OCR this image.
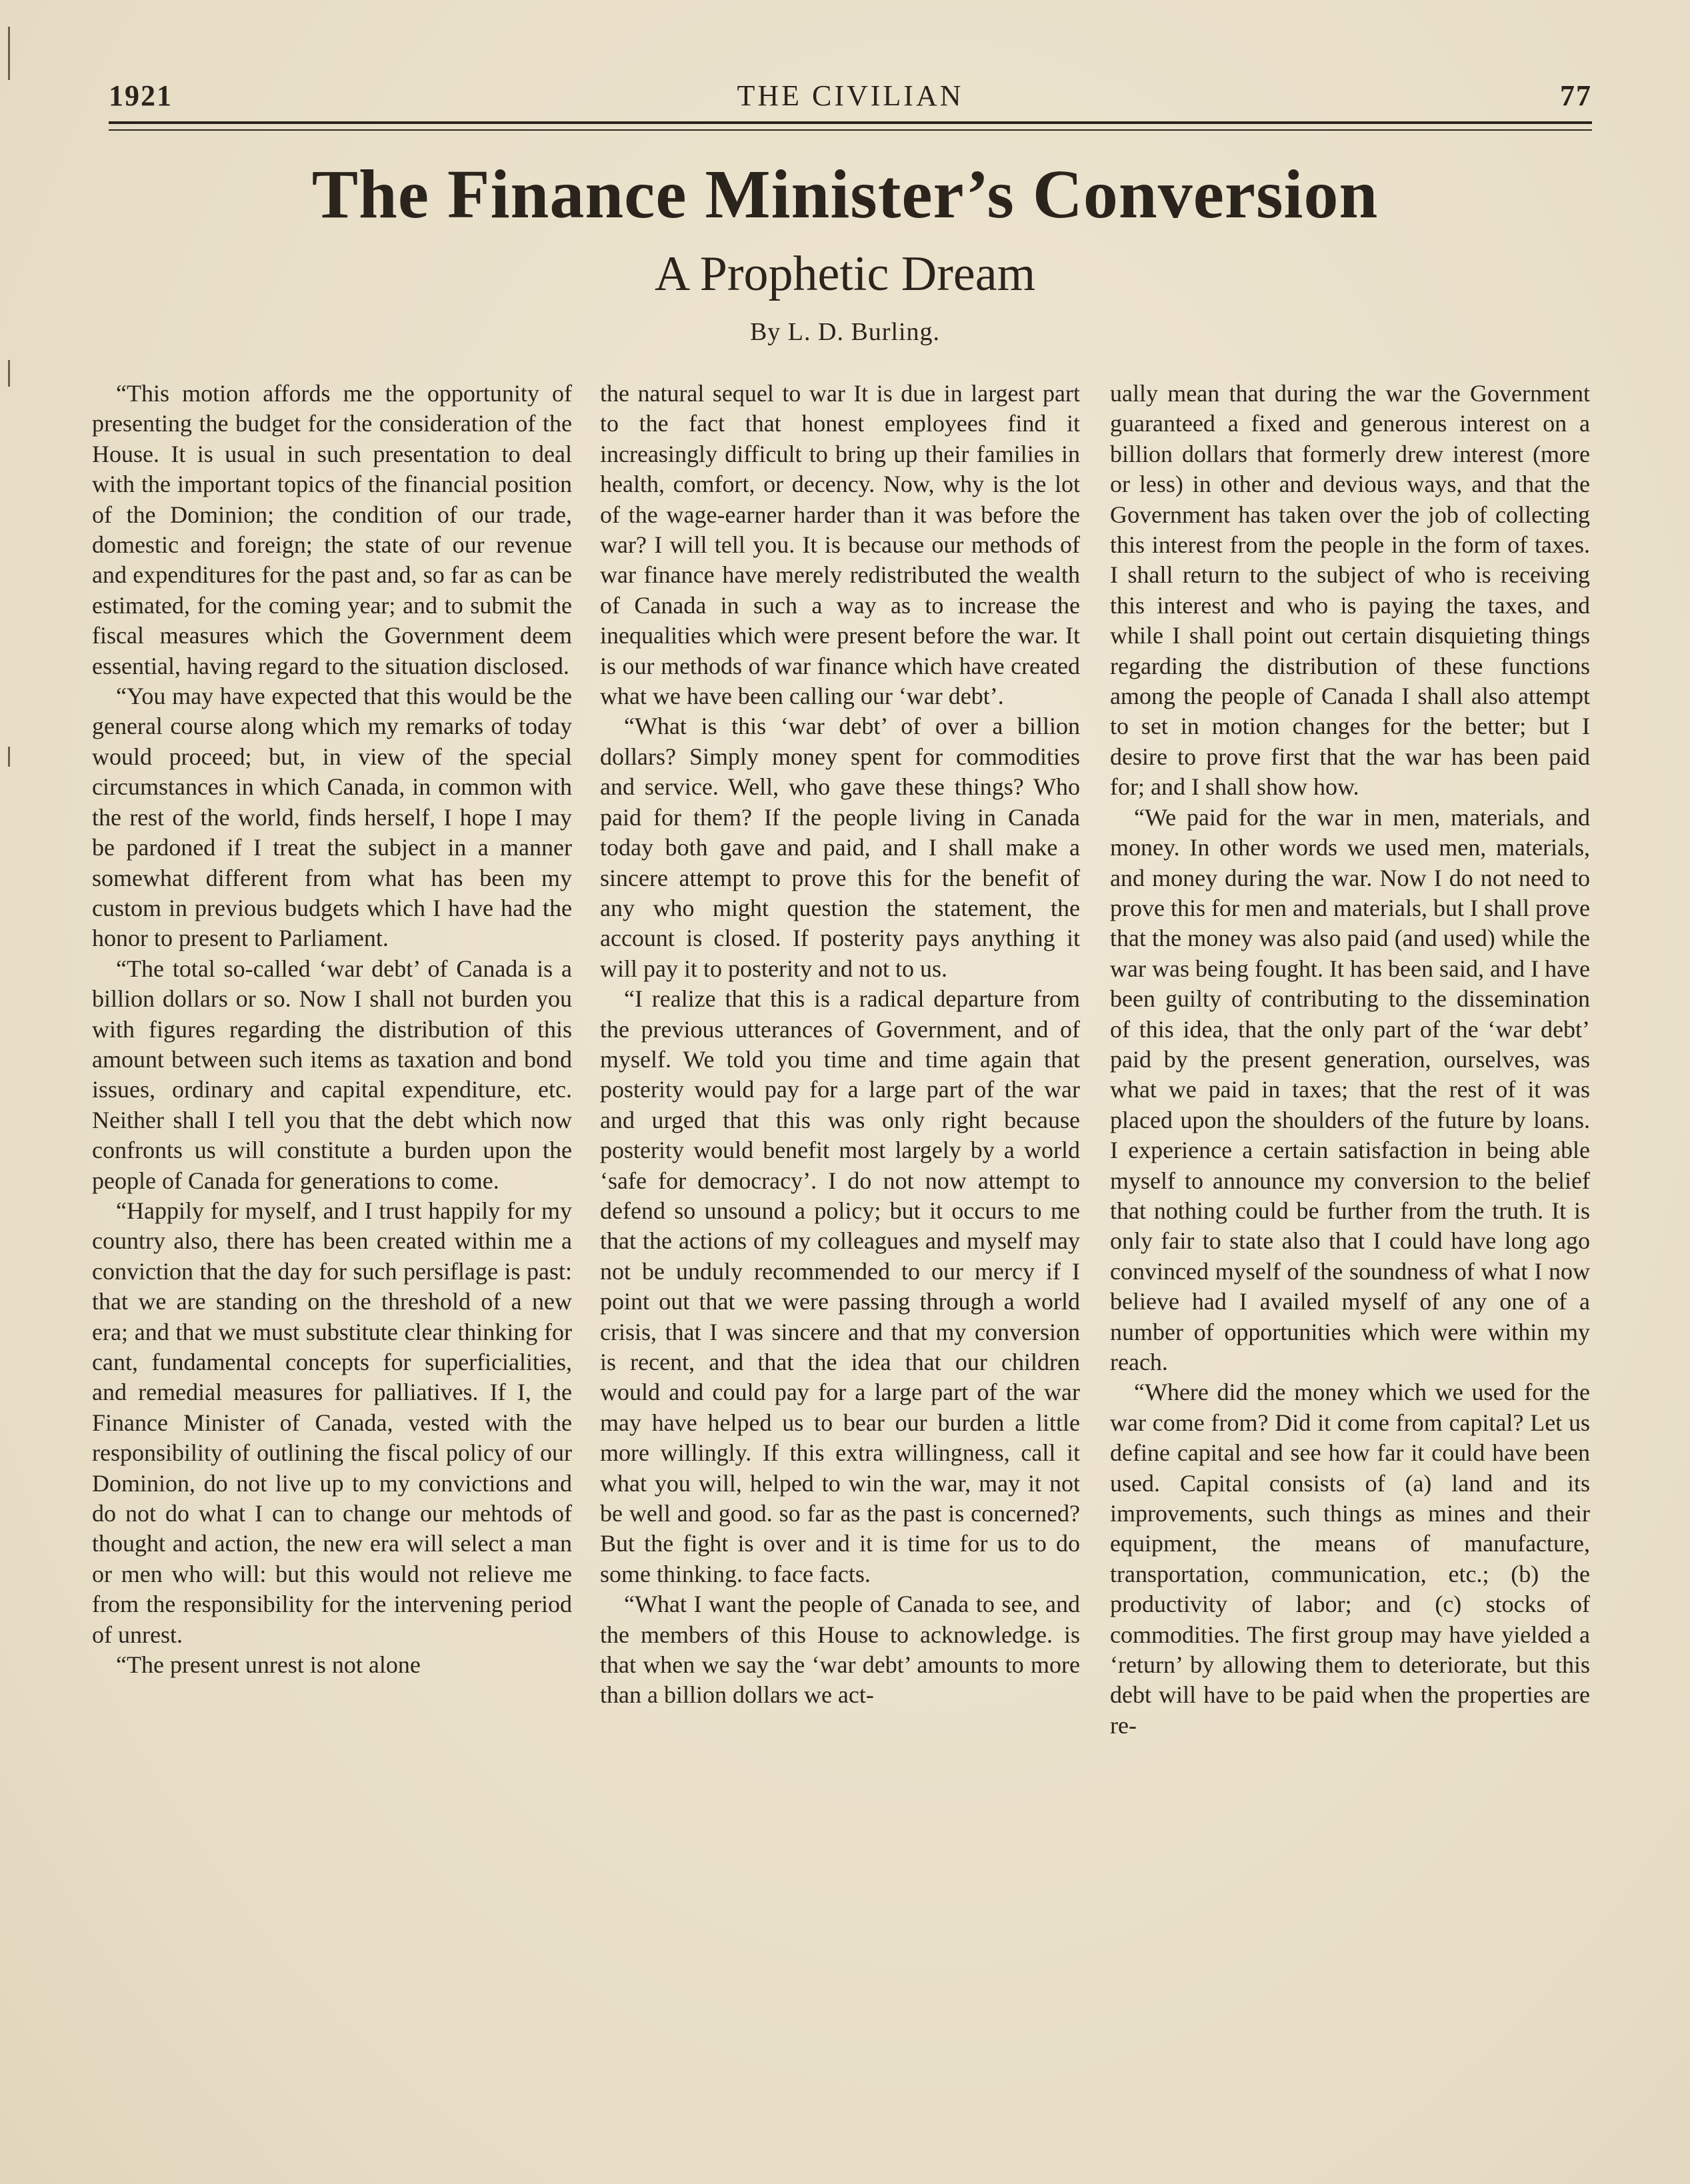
1921	THE CIVILIAN	77
The Finance Minister’s Conversion
A Prophetic Dream
By L. D. Burling.

“This motion affords me the opportunity of presenting the budget for the consideration of the House. It is usual in such presentation to deal with the important topics of the financial position of the Dominion; the condition of our trade, domestic and foreign; the state of our revenue and expenditures for the past and, so far as can be estimated, for the coming year; and to submit the fiscal measures which the Government deem essential, having regard to the situation disclosed.

“You may have expected that this would be the general course along which my remarks of today would proceed; but, in view of the special circumstances in which Canada, in common with the rest of the world, finds herself, I hope I may be pardoned if I treat the subject in a manner somewhat different from what has been my custom in previous budgets which I have had the honor to present to Parliament.

“The total so-called ‘war debt’ of Canada is a billion dollars or so. Now I shall not burden you with figures regarding the distribution of this amount between such items as taxation and bond issues, ordinary and capital expenditure, etc. Neither shall I tell you that the debt which now confronts us will constitute a burden upon the people of Canada for generations to come.

“Happily for myself, and I trust happily for my country also, there has been created within me a conviction that the day for such persiflage is past: that we are standing on the threshold of a new era; and that we must substitute clear thinking for cant, fundamental concepts for superficialities, and remedial measures for palliatives. If I, the Finance Minister of Canada, vested with the responsibility of outlining the fiscal policy of our Dominion, do not live up to my convictions and do not do what I can to change our mehtods of thought and action, the new era will select a man or men who will: but this would not relieve me from the responsibility for the intervening period of unrest.

“The present unrest is not alone

the natural sequel to war It is due in largest part to the fact that honest employees find it increasingly difficult to bring up their families in health, comfort, or decency. Now, why is the lot of the wage-earner harder than it was before the war? I will tell you. It is because our methods of war finance have merely redistributed the wealth of Canada in such a way as to increase the inequalities which were present before the war. It is our methods of war finance which have created what we have been calling our ‘war debt’.

“What is this ‘war debt’ of over a billion dollars? Simply money spent for commodities and service. Well, who gave these things? Who paid for them? If the people living in Canada today both gave and paid, and I shall make a sincere attempt to prove this for the benefit of any who might question the statement, the account is closed. If posterity pays anything it will pay it to posterity and not to us.

“I realize that this is a radical departure from the previous utterances of Government, and of myself. We told you time and time again that posterity would pay for a large part of the war and urged that this was only right because posterity would benefit most largely by a world ‘safe for democracy’. I do not now attempt to defend so unsound a policy; but it occurs to me that the actions of my colleagues and myself may not be unduly recommended to our mercy if I point out that we were passing through a world crisis, that I was sincere and that my conversion is recent, and that the idea that our children would and could pay for a large part of the war may have helped us to bear our burden a little more willingly. If this extra willingness, call it what you will, helped to win the war, may it not be well and good. so far as the past is concerned? But the fight is over and it is time for us to do some thinking. to face facts.

“What I want the people of Canada to see, and the members of this House to acknowledge. is that when we say the ‘war debt’ amounts to more than a billion dollars we act-

ually mean that during the war the Government guaranteed a fixed and generous interest on a billion dollars that formerly drew interest (more or less) in other and devious ways, and that the Government has taken over the job of collecting this interest from the people in the form of taxes. I shall return to the subject of who is receiving this interest and who is paying the taxes, and while I shall point out certain disquieting things regarding the distribution of these functions among the people of Canada I shall also attempt to set in motion changes for the better; but I desire to prove first that the war has been paid for; and I shall show how.

“We paid for the war in men, materials, and money. In other words we used men, materials, and money during the war. Now I do not need to prove this for men and materials, but I shall prove that the money was also paid (and used) while the war was being fought. It has been said, and I have been guilty of contributing to the dissemination of this idea, that the only part of the ‘war debt’ paid by the present generation, ourselves, was what we paid in taxes; that the rest of it was placed upon the shoulders of the future by loans. I experience a certain satisfaction in being able myself to announce my conversion to the belief that nothing could be further from the truth. It is only fair to state also that I could have long ago convinced myself of the soundness of what I now believe had I availed myself of any one of a number of opportunities which were within my reach.

“Where did the money which we used for the war come from? Did it come from capital? Let us define capital and see how far it could have been used. Capital consists of (a) land and its improvements, such things as mines and their equipment, the means of manufacture, transportation, communication, etc.; (b) the productivity of labor; and (c) stocks of commodities. The first group may have yielded a ‘return’ by allowing them to deteriorate, but this debt will have to be paid when the properties are re-
